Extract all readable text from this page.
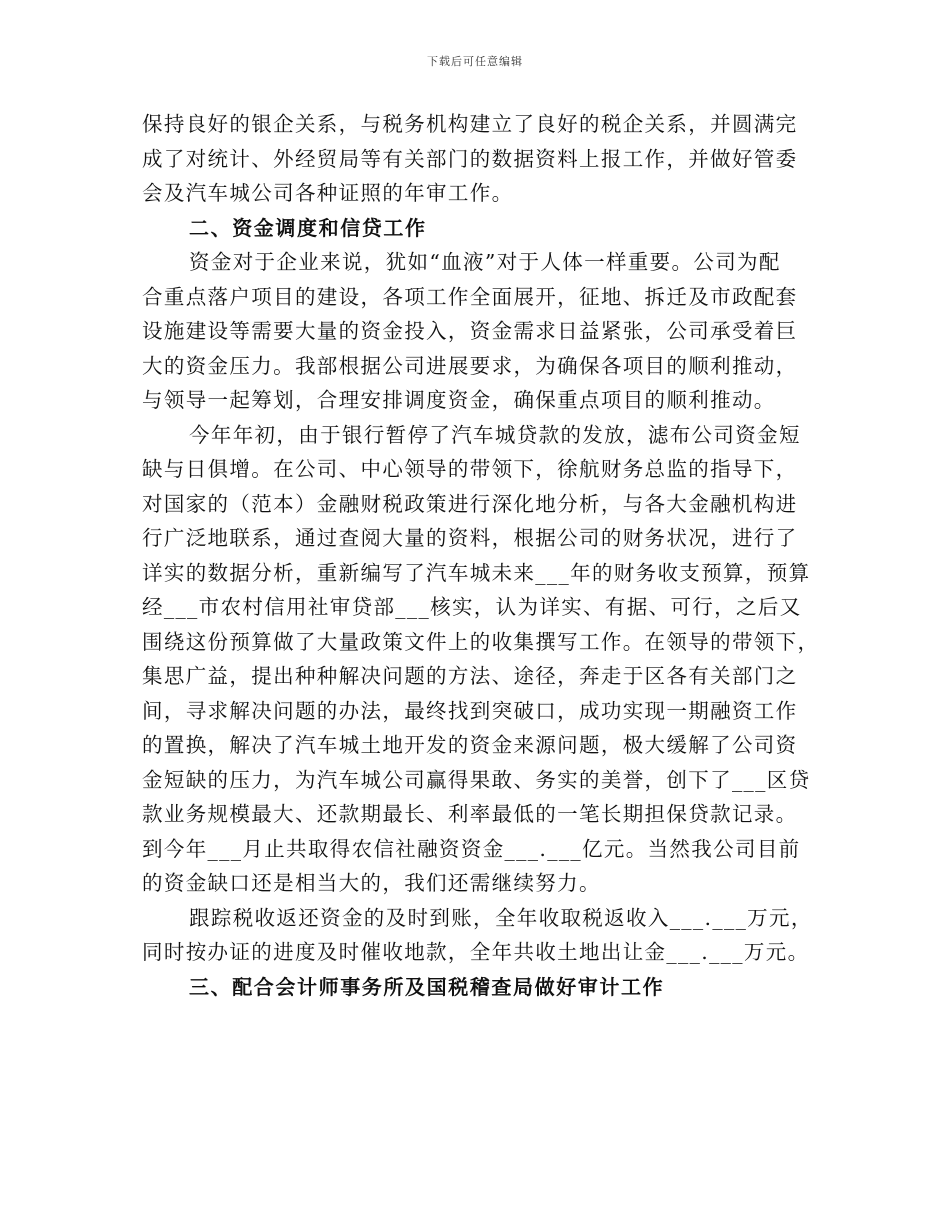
下载后可任意编辑
保持良好的银企关系，与税务机构建立了良好的税企关系，并圆满完
成了对统计、外经贸局等有关部门的数据资料上报工作，并做好管委
会及汽车城公司各种证照的年审工作。
二、资金调度和信贷工作
资金对于企业来说，犹如“血液”对于人体一样重要。公司为配
合重点落户项目的建设，各项工作全面展开，征地、拆迁及市政配套
设施建设等需要大量的资金投入，资金需求日益紧张，公司承受着巨
大的资金压力。我部根据公司进展要求，为确保各项目的顺利推动，
与领导一起筹划，合理安排调度资金，确保重点项目的顺利推动。
今年年初，由于银行暂停了汽车城贷款的发放，滤布公司资金短
缺与日俱增。在公司、中心领导的带领下，徐航财务总监的指导下，
对国家的（范本）金融财税政策进行深化地分析，与各大金融机构进
行广泛地联系，通过查阅大量的资料，根据公司的财务状况，进行了
详实的数据分析，重新编写了汽车城未来___年的财务收支预算，预算
经___市农村信用社审贷部___核实，认为详实、有据、可行，之后又
围绕这份预算做了大量政策文件上的收集撰写工作。在领导的带领下，
集思广益，提出种种解决问题的方法、途径，奔走于区各有关部门之
间，寻求解决问题的办法，最终找到突破口，成功实现一期融资工作
的置换，解决了汽车城土地开发的资金来源问题，极大缓解了公司资
金短缺的压力，为汽车城公司赢得果敢、务实的美誉，创下了___区贷
款业务规模最大、还款期最长、利率最低的一笔长期担保贷款记录。
到今年___月止共取得农信社融资资金___.___亿元。当然我公司目前
的资金缺口还是相当大的，我们还需继续努力。
跟踪税收返还资金的及时到账，全年收取税返收入___.___万元，
同时按办证的进度及时催收地款，全年共收土地出让金___.___万元。
三、配合会计师事务所及国税稽查局做好审计工作
